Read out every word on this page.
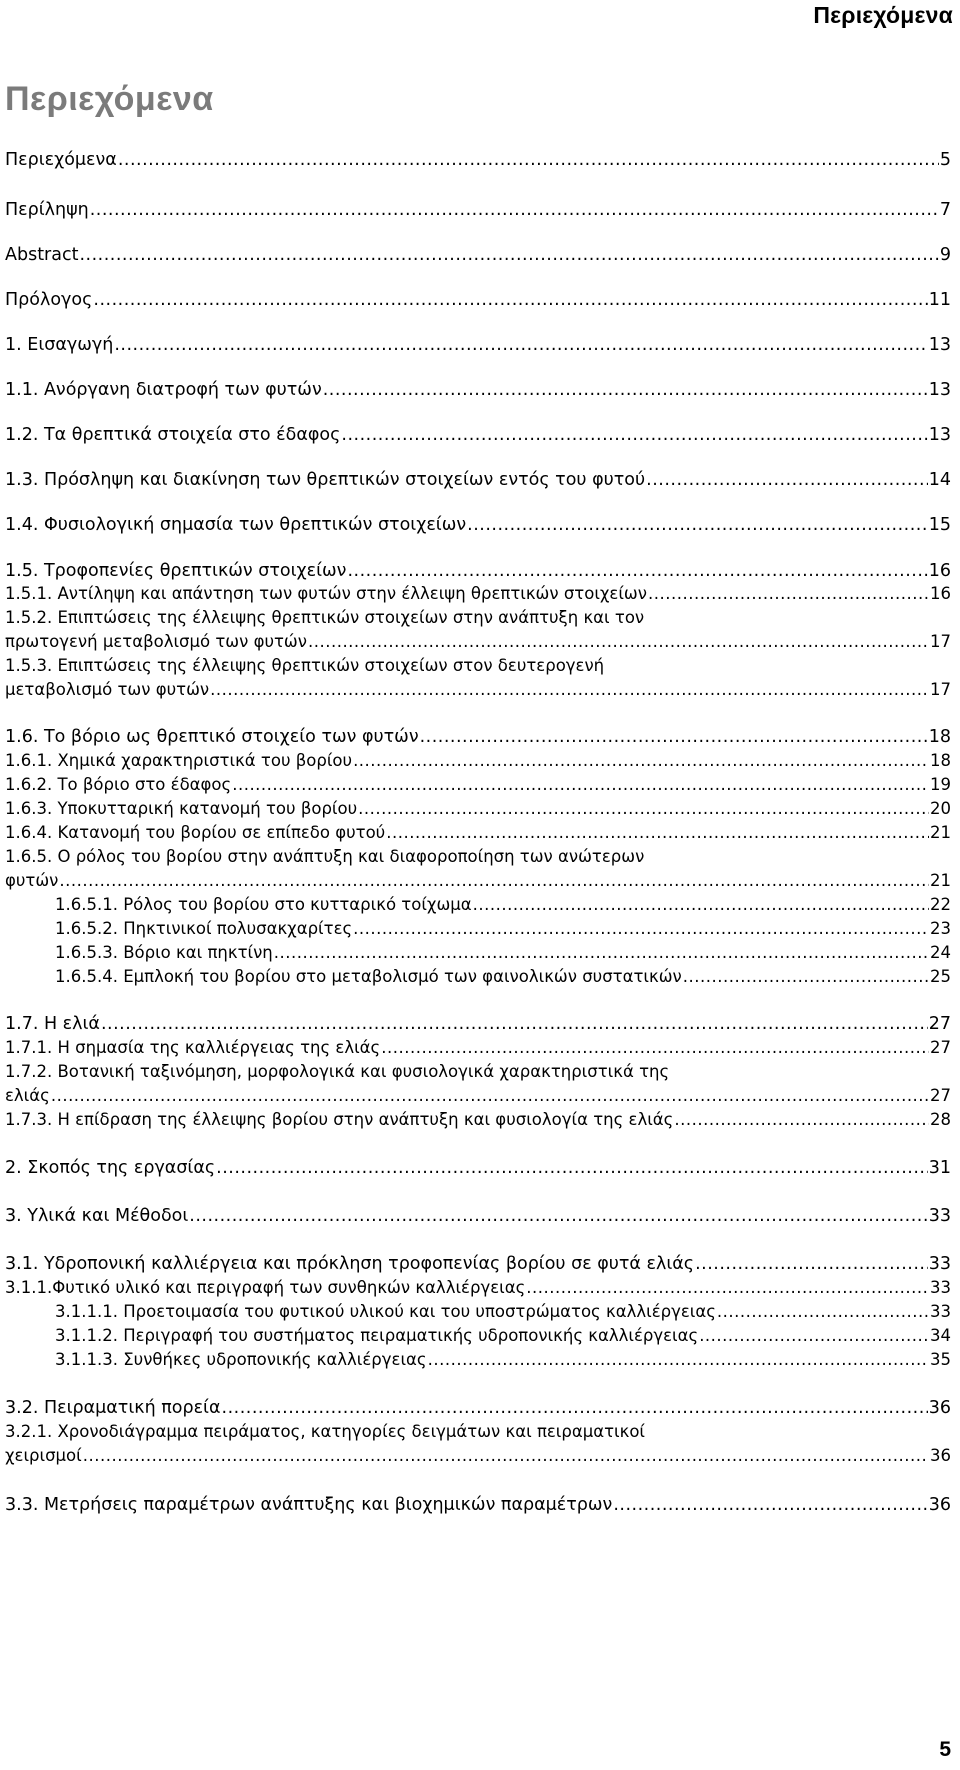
Περιεχόμενα
Περιεχόμενα
Περιεχόμενα .....	5
Περίληψη .....	7
Abstract .....	9
Πρόλογος .....	11
1. Εισαγωγή .....	13
1.1. Ανόργανη διατροφή των φυτών .....	13
1.2. Τα θρεπτικά στοιχεία στο έδαφος .....	13
1.3. Πρόσληψη και διακίνηση των θρεπτικών στοιχείων εντός του φυτού .....	14
1.4. Φυσιολογική σημασία των θρεπτικών στοιχείων .....	15
1.5. Τροφοπενίες θρεπτικών στοιχείων .....	16
1.5.1. Αντίληψη και απάντηση των φυτών στην έλλειψη θρεπτικών στοιχείων .....	16
1.5.2. Επιπτώσεις της έλλειψης θρεπτικών στοιχείων στην ανάπτυξη και τον
πρωτογενή μεταβολισμό των φυτών .....	17
1.5.3. Επιπτώσεις της έλλειψης θρεπτικών στοιχείων στον δευτερογενή
μεταβολισμό των φυτών .....	17
1.6. Το βόριο ως θρεπτικό στοιχείο των φυτών .....	18
1.6.1. Χημικά χαρακτηριστικά του βορίου .....	18
1.6.2. Το βόριο στο έδαφος .....	19
1.6.3. Υποκυτταρική κατανομή του βορίου .....	20
1.6.4. Κατανομή του βορίου σε επίπεδο φυτού .....	21
1.6.5. Ο ρόλος του βορίου στην ανάπτυξη και διαφοροποίηση των ανώτερων
φυτών .....	21
1.6.5.1. Ρόλος του βορίου στο κυτταρικό τοίχωμα .....	22
1.6.5.2. Πηκτινικοί πολυσακχαρίτες .....	23
1.6.5.3. Βόριο και πηκτίνη .....	24
1.6.5.4. Εμπλοκή του βορίου στο μεταβολισμό των φαινολικών συστατικών .....	25
1.7. Η ελιά .....	27
1.7.1. Η σημασία της καλλιέργειας της ελιάς .....	27
1.7.2. Βοτανική ταξινόμηση, μορφολογικά και φυσιολογικά χαρακτηριστικά της
ελιάς .....	27
1.7.3. Η επίδραση της έλλειψης βορίου στην ανάπτυξη και φυσιολογία της ελιάς .....	28
2. Σκοπός της εργασίας .....	31
3. Υλικά και Μέθοδοι .....	33
3.1. Υδροπονική καλλιέργεια και πρόκληση τροφοπενίας βορίου σε φυτά ελιάς .....	33
3.1.1.Φυτικό υλικό και περιγραφή των συνθηκών καλλιέργειας .....	33
3.1.1.1. Προετοιμασία του φυτικού υλικού και του υποστρώματος καλλιέργειας .....	33
3.1.1.2. Περιγραφή του συστήματος πειραματικής υδροπονικής καλλιέργειας .....	34
3.1.1.3. Συνθήκες υδροπονικής καλλιέργειας .....	35
3.2. Πειραματική πορεία .....	36
3.2.1. Χρονοδιάγραμμα πειράματος, κατηγορίες δειγμάτων και πειραματικοί
χειρισμοί .....	36
3.3. Μετρήσεις παραμέτρων ανάπτυξης και βιοχημικών παραμέτρων .....	36
5
